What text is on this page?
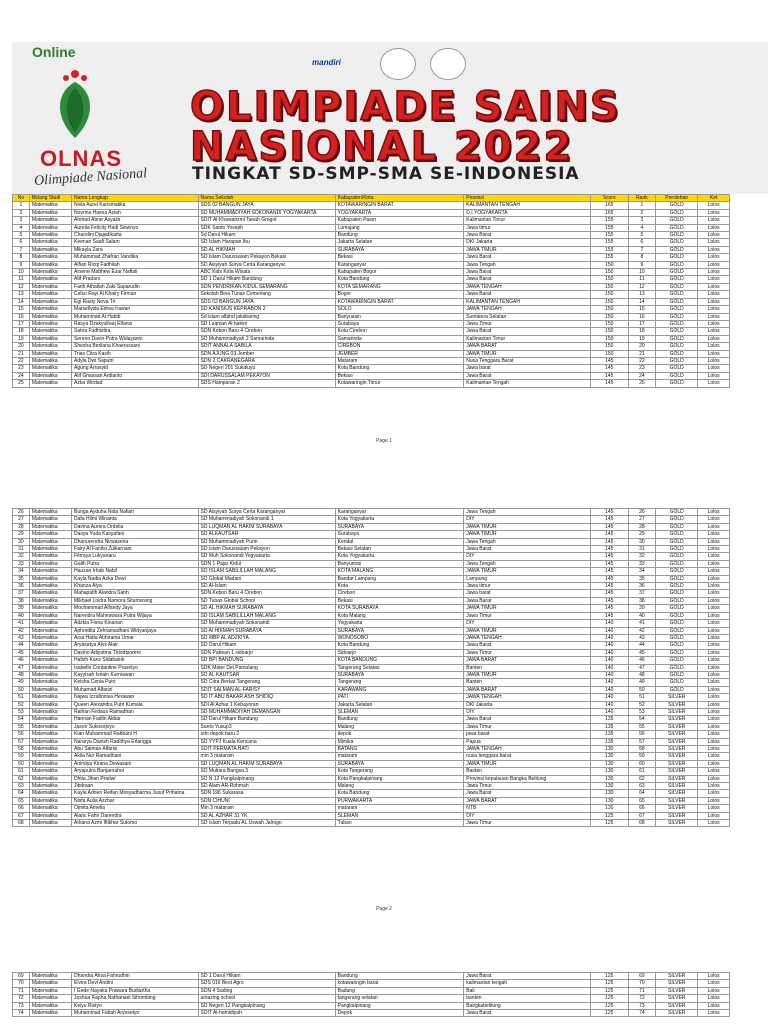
Online
OLNAS
Olimpiade Nasional
mandiri
OLIMPIADE SAINS
NASIONAL 2022
TINGKAT SD-SMP-SMA SE-INDONESIA
No	Bidang Studi	Nama Lengkap	Nama Sekolah	Kabupaten/Kota	Provinsi	Score	Rank	Perolehan	Ket
1	Matematika	Nivia Aurel Karismatika	SDS 02 BANGUN JAYA	KOTAWARINGIN BARAT	KALIMANTAN TENGAH	165	1	GOLD	Lolos
2	Matematika	Novrina Hasna Aziah	SD MUHAMMADIYAH SOKONANDI YOGYAKARTA	YOGYAKARTA	D.I.YOGYAKARTA	165	2	GOLD	Lolos
3	Matematika	Ahmad Abrar Asyakir	SDIT Al-Khawarizmi Tanah Grogot	Kabupaten Paser	Kalimantan Timur	155	3	GOLD	Lolos
4	Matematika	Aurelia Felicity Hadi Siswoyo	SDK Santo Yoseph	Lumajang	Jawa timur	155	4	GOLD	Lolos
5	Matematika	Chandini Djajadikarta	Sd Darul Hikam	Bandung	Jawa Barat	155	5	GOLD	Lolos
6	Matematika	Keenan Saafi Salam	SD Islam Harapan Ibu	Jakarta Selatan	DKI Jakarta	155	6	GOLD	Lolos
7	Matematika	Mikayla Zara	SD AL HIKMAH	SURABAYA	JAWA TIMUR	155	7	GOLD	Lolos
8	Matematika	Muhammad Zhafran Vandika	SD Islam Darussalam Pekayon Bekasi	Bekasi	Jawa Barat	155	8	GOLD	Lolos
9	Matematika	Alfian Rizqi Fadhilah	SD Aisyiyah Surya Certa Karanganyar	Karanganyar	Jawa Tengah	150	9	GOLD	Lolos
10	Matematika	Arsene Matthew Ezar Naftali	ABC Kids Kota Wisata	Kabupaten Bogor	Jawa Barat	150	10	GOLD	Lolos
11	Matematika	Atif Pradani	SD 1 Darul Hikam Bandung	Kota Bandung	Jawa Barat	150	11	GOLD	Lolos
12	Matematika	Farih Athallah Zaki Saparudin	SDN PENDRIKAN KIDUL SEMARANG	KOTA SEMARANG	JAWA TENGAH	150	12	GOLD	Lolos
13	Matematika	Celso Rayi Al Khairy Firman	Sekolah Bina Tunas Cemerlang	Bogor	Jawa Barat	150	13	GOLD	Lolos
14	Matematika	Egi Rasty Nova Tri	SDS 02 BANGUN JAYA	KOTAWARINGIN BARAT	KALIMANTAN TENGAH	150	14	GOLD	Lolos
15	Matematika	Marsellysia Edrea Irawan	SD KANISIUS KEPRABON 2	SOLO	JAWA TENGAH	150	15	GOLD	Lolos
16	Matematika	Muhammad Al Habib	Sd islam alfahd jakabaring	Banyuasin	Sumatera Selatan	150	16	GOLD	Lolos
17	Matematika	Rasya Dzakyulhaq Elfansi	SD Luqman Al hakim	Surabaya	Jawa Timur	150	17	GOLD	Lolos
18	Matematika	Satria Fudhistira	SDN Kebon Baru 4 Cirebon	Kota Cirebon	Jawa Barat	150	18	GOLD	Lolos
19	Matematika	Sereno Davin Putra Widayanto	SD Muhammadiyah 2 Samarinda	Samarinda	Kalimantan Timur	150	19	GOLD	Lolos
20	Matematika	Shesha Berliana Khaerussani	SDIT ANNALA SABILA	CIREBON	JAWA BARAT	150	20	GOLD	Lolos
21	Matematika	Trias Citra Kasih	SDN AJUNG 03 Jember	JEMBER	JAWA TIMUR	150	21	GOLD	Lolos
22	Matematika	Adyla Dwi Saputri	SDN 2 CAKRANEGARA	Mataram	Nusa Tenggara Barat	145	22	GOLD	Lolos
23	Matematika	Agung Arrasyid	SD Negeri 201 Sukaluyu	Kota Bandung	Jawa barat	145	23	GOLD	Lolos
24	Matematika	Alif Ghassan Ardianto	SDI DARUSSALAM PEKAYON	Bekasi	Jawa Barat	145	24	GOLD	Lolos
25	Matematika	Azka Wirdad	SDS Hamparan 2	Kotawaringin Timur	Kalimantan Tengah	145	25	GOLD	Lolos
Page 1
26	Matematika	Bunga Ayduha Nida Nafiah	SD Aisyiyah Surya Certa Karanganyar	Karanganyar	Jawa Tengah	145	26	GOLD	Lolos
27	Matematika	Dafa Hilmi Winanta	SD Muhammadiyah Sokonandi 1	Kota Yogyakarta	DIY	145	27	GOLD	Lolos
28	Matematika	Davina Aurora Ordelia	SD LUQMAN AL HAKIM SURABAYA	SURABAYA	JAWA TIMUR	145	28	GOLD	Lolos
29	Matematika	Dasya Yuda Kasyafani	SD ALKAUTSAR	Surabaya	JAWA TIMUR	145	29	GOLD	Lolos
30	Matematika	Dhanurendra Nirwasena	SD Muhammadiyah Purin	Kendal	Jawa Tengah	145	30	GOLD	Lolos
31	Matematika	Fairy Al Fanitsi Zulkarnain	SD Islam Darussalam Pekayon	Bekasi Selatan	Jawa Barat	145	31	GOLD	Lolos
32	Matematika	Fitrraya Lukyanaru	SD Muh Sokonandi Yogyakarta	Kota Yogyakarta	DIY	145	32	GOLD	Lolos
33	Matematika	Galih Putra	SDN 1 Pajar Kidul	Banyumas	Jawa Tengah	145	33	GOLD	Lolos
34	Matematika	Hauzan Irhab Nabil	SD ISLAM SABILILLAH MALANG	KOTA MALANG	JAWA TIMUR	145	34	GOLD	Lolos
35	Matematika	Kayla Nadia Azka Dewi	SD Global Madani	Bandar Lampung	Lampung	145	35	GOLD	Lolos
36	Matematika	Khanza Alya	SD Al-Islam	Kota	Jawa timur	145	36	GOLD	Lolos
37	Matematika	Mahapatih Alandra Sahh	SDN Kebon Baru 4 Cirebon	Cirebon	Jawa barat	145	37	GOLD	Lolos
38	Matematika	Mikhael Lisdra Namora Situmorang	SD Tunas Global School	Bekasi	Jawa Barat	145	38	GOLD	Lolos
39	Matematika	Mochammad Alfandy Jaya	SD AL HIKMAH SURABAYA	KOTA SURABAYA	JAWA TIMUR	145	39	GOLD	Lolos
40	Matematika	Narendra Maheswara Putra Wijaya	SD ISLAM SABILILLAH MALANG	Kota Malang	Jawa Timur	145	40	GOLD	Lolos
41	Matematika	Adzkia Fiona Kinarian	SD Muhammadiyah Sokonandi	Yogyakarta	DIY	140	41	GOLD	Lolos
42	Matematika	Aphrodita Zehramadhani Widyanjaya	SD Al HIKMAH SURABAYA	SURABAYA	JAWA TIMUR	140	42	GOLD	Lolos
43	Matematika	Arsa Hatta Abhirama Umar	SD MBP AL ADZKIYA	WONOSOBO	JAWA TENGAH	140	43	GOLD	Lolos
44	Matematika	Aryasatya Alvs Alair	SD Darul Hikam	Kota Bandung	Jawa Barat	140	44	GOLD	Lolos
45	Matematika	Davino Adiyatma Tirtodiporero	SDN Pabean 1 sidoarjo	Sidoarjo	Jawa Timur	140	45	GOLD	Lolos
46	Matematika	Hafizh Kanz Sidabalok	SD BPI BANDUNG	KOTA BANDUNG	JAWA BARAT	140	46	GOLD	Lolos
47	Matematika	Isabelle Contantine Prasetyo	SDK Mater Dei Pamulang	Tangerang Selatan	Banten	140	47	GOLD	Lolos
48	Matematika	Kayyisah Isnain Kurniawan	SD AL KAUTSAR	SURABAYA	JAWA TIMUR	140	48	GOLD	Lolos
49	Matematika	Keisha Cenia Putri	SD Citra Berkat Tangerang	Tangerang	Banten	140	49	GOLD	Lolos
50	Matematika	Muhamad Alfarizi	SDIT SALMAN AL-FARISY	KARAWANG	JAWA BARAT	140	50	GOLD	Lolos
51	Matematika	Najwa Izzatinnisa Herawan	SD IT ABU BAKAR ASH SHIDIQ	PATI	JAWA TENGAH	140	51	SILVER	Lolos
52	Matematika	Queen Alexandra Putri Kumala	SDI Al Azhar 1 Kebayoran	Jakarta Selatan	DKI Jakarta	140	52	SILVER	Lolos
53	Matematika	Raihan Firdaus Ramadhan	SD MUHAMMADIYAH DEMANGAN	SLEMAN	DIY	140	53	SILVER	Lolos
54	Matematika	Hannan Fadlin Akbar	SD Darul Hikam Bandung	Bandung	Jawa Barat	135	54	SILVER	Lolos
55	Matematika	Jason Sukosojoyo	Santo Yusup3	Malang	Jawa Timur	135	55	SILVER	Lolos
56	Matematika	Kian Muhammad Rabbani H	sdn depok baru 2	depok	jawa barat	135	56	SILVER	Lolos
57	Matematika	Nararya Danish Radithya Erlangga	SD YYPJ Kuala Kencana	Mimika	Papua	135	57	SILVER	Lolos
58	Matematika	Abu Salman Alfarisi	SDIT PERMATA HATI	BATANG	JAWA TENGAH	130	58	SILVER	Lolos
59	Matematika	Akila Nur Ramadhani	min 3 mataram	mataram	nusa tenggara barat	130	59	SILVER	Lolos
60	Matematika	Anindya Kirana Dewasani	SD LUQMAN AL HAKIM SURABAYA	SURABAYA	JAWA TIMUR	130	60	SILVER	Lolos
61	Matematika	Aryaputra Banjarnahor	SD Mutiara Bangsa 3	Kota Tangerang	Banten	130	61	SILVER	Lolos
62	Matematika	Dhita Jihan Pratiwi	SD N 12 Pangkalpinang	Kota Pangkalpinang	Provinsi kepulauan Bangka Belitung	130	62	SILVER	Lolos
63	Matematika	Jibdraan	SD Alam AR-Rohmah	Malang	Jawa Timur	130	63	SILVER	Lolos
64	Matematika	Kayla Adrien Reifan Mosyadharma Jusuf Prihatna	SDN 196 Sukarasa	Kota Bandung	Jawa Barat	130	64	SILVER	Lolos
65	Matematika	Nisfa Aulia Azzhar	SDN CIHUNI	PURWAKARTA	JAWA BARAT	130	65	SILVER	Lolos
66	Matematika	Ojmita Amelia	Min 3 mataram	mataram	NTB	130	66	SILVER	Lolos
67	Matematika	Alaric Fahri Darendra	SD AL AZHAR 31 YK	SLEMAN	DIY	125	67	SILVER	Lolos
68	Matematika	Arkana Azmi Iftikhar Sutomo	SD Islam Terpadu AL Uswah Jalrogo	Tuban	Jawa Timur	125	68	SILVER	Lolos
Page 2
69	Matematika	Dhandra Ahsa Fahrudhin	SD 1 Darul Hikam	Bandung	Jawa Barat	125	69	SILVER	Lolos
70	Matematika	Elvira Devi Andini	SDS 016 Best Agro	kotawaringin barat	kalimantan tengah	125	70	SILVER	Lolos
71	Matematika	I Gede Nayaka Prawara Budiartha	SDN 4 Sading	Badung	Bali	125	71	SILVER	Lolos
72	Matematika	Joshua Rapha Nathanael Sihombing	amazing school	tangerang selatan	banten	125	72	SILVER	Lolos
73	Matematika	Keiyu Ristyo	SD Negeri 12 Pangkalpinang	Pangkalpinang	Bangkabelitung	125	73	SILVER	Lolos
74	Matematika	Muhammad Fattah Aryosetyo	SDIT Al-hamidiyah	Depok	Jawa Barat	125	74	SILVER	Lolos
